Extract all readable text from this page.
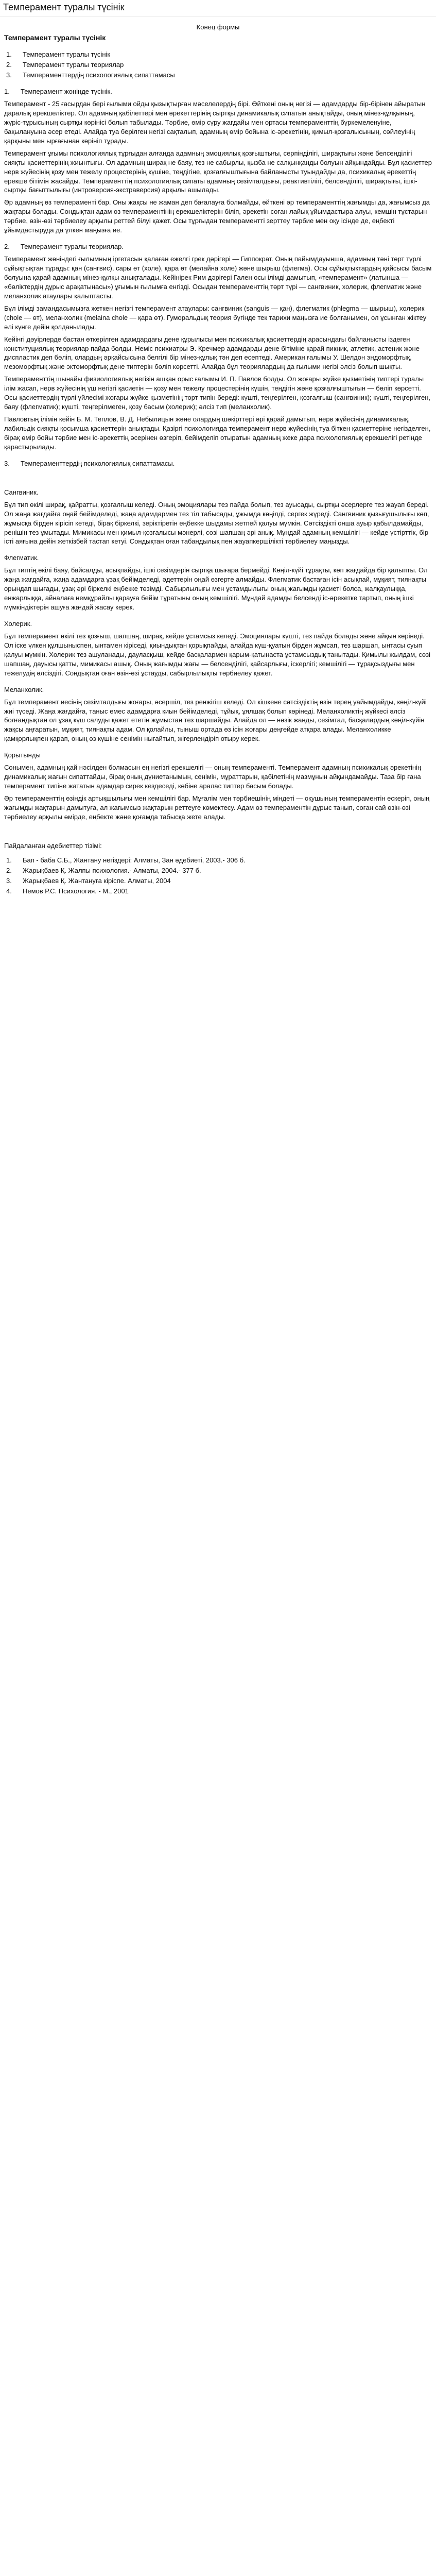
Темперамент туралы түсінік
Конец формы
Темперамент туралы түсінік
1. Темперамент туралы түсінік
2. Темперамент туралы теориялар
3. Темпераменттердің психологиялық сипаттамасы
1. Темперамент жөнінде түсінік.

Темперамент - 25 ғасырдан бері ғылыми ойды қызықтырған мәселелердің бірі. Өйткені оның негізі — адамдарды бір-бірінен айыратын даралық ерекшеліктер. Ол адамның қабілеттері мен әрекеттерінің сыртқы динамикалық сипатын анықтайды, оның мінез-құлқының, жүріс-тұрысының сыртқы көрінісі болып табылады. Тәрбие, өмір сүру жағдайы мен ортасы темпераменттің бүркемеленуіне, бақылануына әсер етеді. Алайда туа берілген негізі сақталып, адамның өмір бойына іс-әрекетінің, қимыл-қозғалысының, сөйлеуінің қарқыны мен ырғағынан көрініп тұрады.

Темперамент ұғымы психологиялық тұрғыдан алғанда адамның эмоциялық қозғыштығы, серпінділігі, ширақтығы және белсенділігі сияқты қасиеттерінің жиынтығы. Ол адамның ширақ не баяу, тез не сабырлы, қызба не салқынқанды болуын айқындайды. Бұл қасиеттер нерв жүйесінің қозу мен тежелу процестерінің күшіне, теңдігіне, қозғалғыштығына байланысты туындайды да, психикалық әрекеттің ерекше бітімін жасайды. Темпераменттің психологиялық сипаты адамның сезімталдығы, реактивтілігі, белсенділігі, ширақтығы, ішкі-сыртқы бағыттылығы (интроверсия-экстраверсия) арқылы ашылады.

Әр адамның өз темпераменті бар. Оны жақсы не жаман деп бағалауға болмайды, өйткені әр темпераменттің жағымды да, жағымсыз да жақтары болады. Сондықтан адам өз темпераментінің ерекшеліктерін біліп, әрекетін соған лайық ұйымдастыра алуы, кемшін тұстарын тәрбие, өзін-өзі тәрбиелеу арқылы реттей білуі қажет. Осы тұрғыдан темпераментті зерттеу тәрбие мен оқу ісінде де, еңбекті ұйымдастыруда да үлкен маңызға ие.

2. Темперамент туралы теориялар.

Темперамент жөніндегі ғылымның іргетасын қалаған ежелгі грек дәрігері — Гиппократ. Оның пайымдауынша, адамның тәні төрт түрлі сұйықтықтан тұрады: қан (сангвис), сары өт (холе), қара өт (мелайна холе) және шырыш (флегма). Осы сұйықтықтардың қайсысы басым болуына қарай адамның мінез-құлқы анықталады. Кейінірек Рим дәрігері Гален осы ілімді дамытып, «темперамент» (латынша — «бөліктердің дұрыс арақатынасы») ұғымын ғылымға енгізді. Осыдан темпераменттің төрт түрі — сангвиник, холерик, флегматик және меланхолик атаулары қалыптасты.

Бұл ілімді замандасымызға жеткен негізгі темперамент атаулары: сангвиник (sanguis — қан), флегматик (phlegma — шырыш), холерик (chole — өт), меланхолик (melaina chole — қара өт). Гуморальдық теория бүгінде тек тарихи маңызға ие болғанымен, ол ұсынған жіктеу әлі күнге дейін қолданылады.

Кейінгі дәуірлерде бастан өткерілген адамдардағы дене құрылысы мен психикалық қасиеттердің арасындағы байланысты іздеген конституциялық теориялар пайда болды. Неміс психиатры Э. Кречмер адамдарды дене бітіміне қарай пикник, атлетик, астеник және диспластик деп бөліп, олардың әрқайсысына белгілі бір мінез-құлық тән деп есептеді. Американ ғалымы У. Шелдон эндоморфтық, мезоморфтық және эктоморфтық дене типтерін бөліп көрсетті. Алайда бұл теориялардың да ғылыми негізі әлсіз болып шықты.

Темпераменттің шынайы физиологиялық негізін ашқан орыс ғалымы И. П. Павлов болды. Ол жоғары жүйке қызметінің типтері туралы ілім жасап, нерв жүйесінің үш негізгі қасиетін — қозу мен тежелу процестерінің күшін, теңдігін және қозғалғыштығын — бөліп көрсетті. Осы қасиеттердің түрлі үйлесімі жоғары жүйке қызметінің төрт типін береді: күшті, теңгерілген, қозғалғыш (сангвиник); күшті, теңгерілген, баяу (флегматик); күшті, теңгерілмеген, қозу басым (холерик); әлсіз тип (меланхолик).

Павловтың ілімін кейін Б. М. Теплов, В. Д. Небылицын және олардың шәкірттері әрі қарай дамытып, нерв жүйесінің динамикалық, лабильдік сияқты қосымша қасиеттерін анықтады. Қазіргі психологияда темперамент нерв жүйесінің туа біткен қасиеттеріне негізделген, бірақ өмір бойы тәрбие мен іс-әрекеттің әсерінен өзгеріп, бейімделіп отыратын адамның жеке дара психологиялық ерекшелігі ретінде қарастырылады.

3. Темпераменттердің психологиялық сипаттамасы.
Сангвиник.

Бұл тип өкілі ширақ, қайратты, қозғалғыш келеді. Оның эмоциялары тез пайда болып, тез ауысады, сыртқы әсерлерге тез жауап береді. Ол жаңа жағдайға оңай бейімделеді, жаңа адамдармен тез тіл табысады, ұжымда көңілді, сергек жүреді. Сангвиник қызығушылығы көп, жұмысқа бірден кірісіп кетеді, бірақ біркелкі, зеріктіретін еңбекке шыдамы жетпей қалуы мүмкін. Сәтсіздікті онша ауыр қабылдамайды, ренішін тез ұмытады. Мимикасы мен қимыл-қозғалысы мәнерлі, сөзі шапшаң әрі анық. Мұндай адамның кемшілігі — кейде үстірттік, бір істі аяғына дейін жеткізбей тастап кетуі. Сондықтан оған табандылық пен жауапкершілікті тәрбиелеу маңызды.

Флегматик.

Бұл типтің өкілі баяу, байсалды, асықпайды, ішкі сезімдерін сыртқа шығара бермейді. Көңіл-күйі тұрақты, көп жағдайда бір қалыпты. Ол жаңа жағдайға, жаңа адамдарға ұзақ бейімделеді, әдеттерін оңай өзгерте алмайды. Флегматик бастаған ісін асықпай, мұқият, тиянақты орындап шығады, ұзақ әрі біркелкі еңбекке төзімді. Сабырлылығы мен ұстамдылығы оның жағымды қасиеті болса, жалқаулыққа, енжарлыққа, айналаға немқұрайлы қарауға бейім тұратыны оның кемшілігі. Мұндай адамды белсенді іс-әрекетке тартып, оның ішкі мүмкіндіктерін ашуға жағдай жасау керек.

Холерик.

Бұл темперамент өкілі тез қозғыш, шапшаң, ширақ, кейде ұстамсыз келеді. Эмоциялары күшті, тез пайда болады және айқын көрінеді. Ол іске үлкен құлшыныспен, ынтамен кіріседі, қиындықтан қорықпайды, алайда күш-қуатын бірден жұмсап, тез шаршап, ынтасы суып қалуы мүмкін. Холерик тез ашуланады, дауласқыш, кейде басқалармен қарым-қатынаста ұстамсыздық танытады. Қимылы жылдам, сөзі шапшаң, дауысы қатты, мимикасы ашық. Оның жағымды жағы — белсенділігі, қайсарлығы, іскерлігі; кемшілігі — тұрақсыздығы мен тежелудің әлсіздігі. Сондықтан оған өзін-өзі ұстауды, сабырлылықты тәрбиелеу қажет.

Меланхолик.

Бұл темперамент иесінің сезімталдығы жоғары, әсершіл, тез ренжігіш келеді. Ол кішкене сәтсіздіктің өзін терең уайымдайды, көңіл-күйі жиі түседі. Жаңа жағдайға, таныс емес адамдарға қиын бейімделеді, тұйық, ұялшақ болып көрінеді. Меланхоликтің жүйкесі әлсіз болғандықтан ол ұзақ күш салуды қажет ететін жұмыстан тез шаршайды. Алайда ол — нәзік жанды, сезімтал, басқалардың көңіл-күйін жақсы аңғаратын, мұқият, тиянақты адам. Ол қолайлы, тыныш ортада өз ісін жоғары деңгейде атқара алады. Меланхоликке қамқорлықпен қарап, оның өз күшіне сенімін нығайтып, жігерлендіріп отыру керек.

Қорытынды

Сонымен, адамның қай нәсілден болмасын ең негізгі ерекшелігі — оның темпераменті. Темперамент адамның психикалық әрекетінің динамикалық жағын сипаттайды, бірақ оның дүниетанымын, сенімін, мұраттарын, қабілетінің мазмұнын айқындамайды. Таза бір ғана темперамент типіне жататын адамдар сирек кездеседі, көбіне аралас типтер басым болады.

Әр темпераменттің өзіндік артықшылығы мен кемшілігі бар. Мұғалім мен тәрбиешінің міндеті — оқушының темпераментін ескеріп, оның жағымды жақтарын дамытуға, ал жағымсыз жақтарын реттеуге көмектесу. Адам өз темпераментін дұрыс танып, соған сай өзін-өзі тәрбиелеу арқылы өмірде, еңбекте және қоғамда табысқа жете алады.

Пайдаланған әдебиеттер тізімі:
1. Бап - баба С.Б., Жантану негіздері: Алматы, Зан әдебиеті, 2003.- 306 б.
2. Жарықбаев Қ. Жалпы психология.- Алматы, 2004.- 377 б.
3. Жарықбаев Қ. Жантануға кіріспе. Алматы, 2004
4. Немов Р.С. Психология. - М., 2001
